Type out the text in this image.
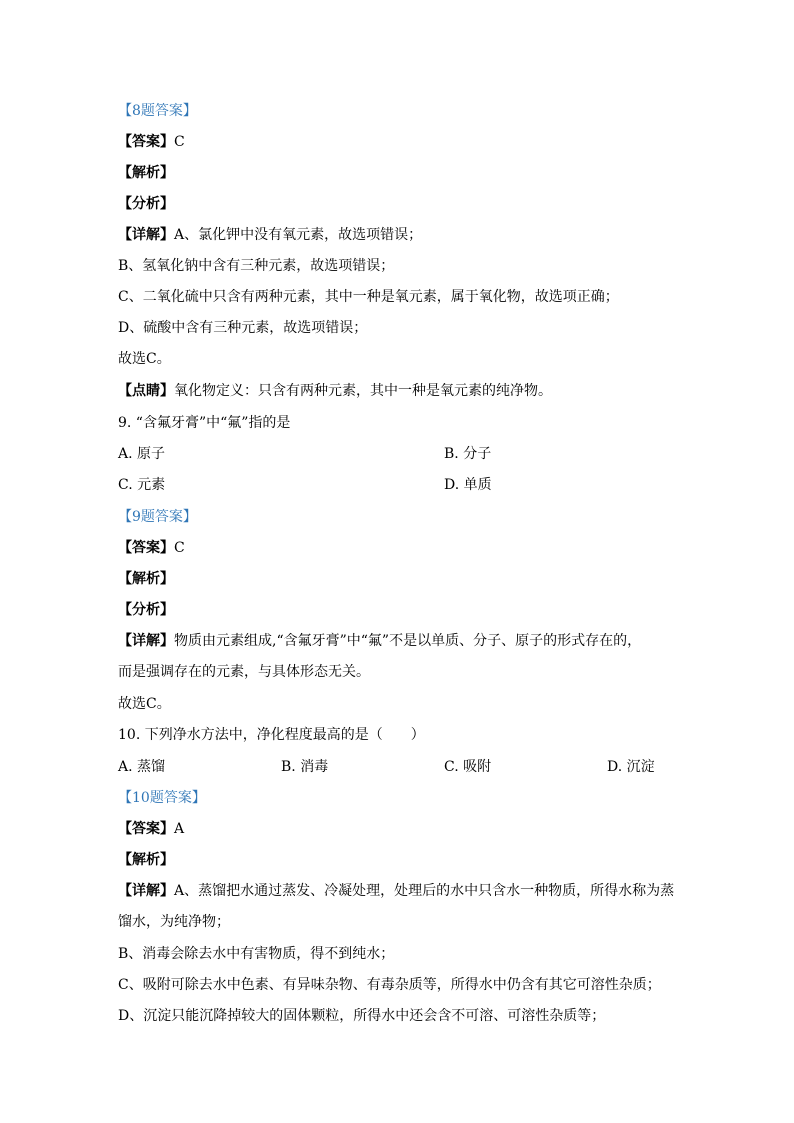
【8题答案】
【答案】C
【解析】
【分析】
【详解】A、氯化钾中没有氧元素，故选项错误；
B、氢氧化钠中含有三种元素，故选项错误；
C、二氧化硫中只含有两种元素，其中一种是氧元素，属于氧化物，故选项正确；
D、硫酸中含有三种元素，故选项错误；
故选C。
【点睛】氧化物定义：只含有两种元素，其中一种是氧元素的纯净物。
9. “含氟牙膏”中“氟”指的是
A. 原子	B. 分子
C. 元素	D. 单质
【9题答案】
【答案】C
【解析】
【分析】
【详解】物质由元素组成,“含氟牙膏”中“氟”不是以单质、分子、原子的形式存在的，
而是强调存在的元素，与具体形态无关。
故选C。
10. 下列净水方法中，净化程度最高的是（　　）
A. 蒸馏	B. 消毒	C. 吸附	D. 沉淀
【10题答案】
【答案】A
【解析】
【详解】A、蒸馏把水通过蒸发、冷凝处理，处理后的水中只含水一种物质，所得水称为蒸
馏水，为纯净物；
B、消毒会除去水中有害物质，得不到纯水；
C、吸附可除去水中色素、有异味杂物、有毒杂质等，所得水中仍含有其它可溶性杂质；
D、沉淀只能沉降掉较大的固体颗粒，所得水中还会含不可溶、可溶性杂质等；
